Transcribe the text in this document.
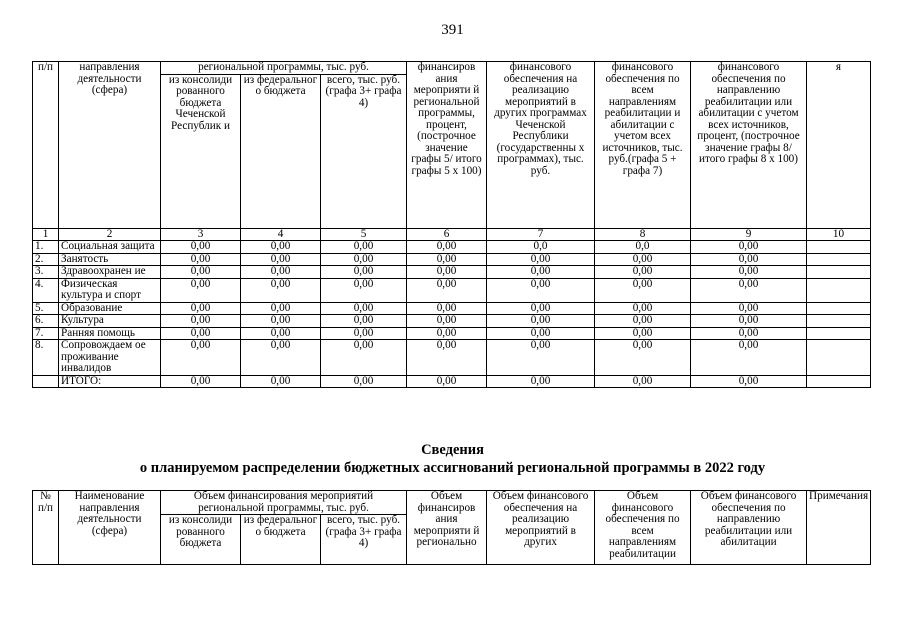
391
п/п	направления деятельности (сфера)	региональной программы, тыс. руб.			финансиров ания мероприяти й региональной программы, процент, (построчное значение графы 5/ итого графы 5 х 100)	финансового обеспечения на реализацию мероприятий в других программах Чеченской Республики (государственны х программах), тыс. руб.	финансового обеспечения по всем направлениям реабилитации и абилитации с учетом всех источников, тыс. руб.(графа 5 + графа 7)	финансового обеспечения по направлению реабилитации или абилитации с учетом всех источников, процент, (построчное значение графы 8/ итого графы 8 х 100)	я
		из консолиди рованного бюджета Чеченской Республик и	из федеральног о бюджета	всего, тыс. руб. (графа 3+ графа 4)					
1	2	3	4	5	6	7	8	9	10
1.	Социальная защита	0,00	0,00	0,00	0,00	0,0	0,0	0,00	
2.	Занятость	0,00	0,00	0,00	0,00	0,00	0,00	0,00	
3.	Здравоохранен ие	0,00	0,00	0,00	0,00	0,00	0,00	0,00	
4.	Физическая культура и спорт	0,00	0,00	0,00	0,00	0,00	0,00	0,00	
5.	Образование	0,00	0,00	0,00	0,00	0,00	0,00	0,00	
6.	Культура	0,00	0,00	0,00	0,00	0,00	0,00	0,00	
7.	Ранняя помощь	0,00	0,00	0,00	0,00	0,00	0,00	0,00	
8.	Сопровождаем ое проживание инвалидов	0,00	0,00	0,00	0,00	0,00	0,00	0,00	
	ИТОГО:	0,00	0,00	0,00	0,00	0,00	0,00	0,00	
Сведения
о планируемом распределении бюджетных ассигнований региональной программы в 2022 году
№ п/п	Наименование направления деятельности (сфера)	Объем финансирования мероприятий региональной программы, тыс. руб.			Объем финансиров ания мероприяти й регионально	Объем финансового обеспечения на реализацию мероприятий в других	Объем финансового обеспечения по всем направлениям реабилитации	Объем финансового обеспечения по направлению реабилитации или абилитации	Примечания
		из консолиди рованного бюджета	из федеральног о бюджета	всего, тыс. руб. (графа 3+ графа 4)					
